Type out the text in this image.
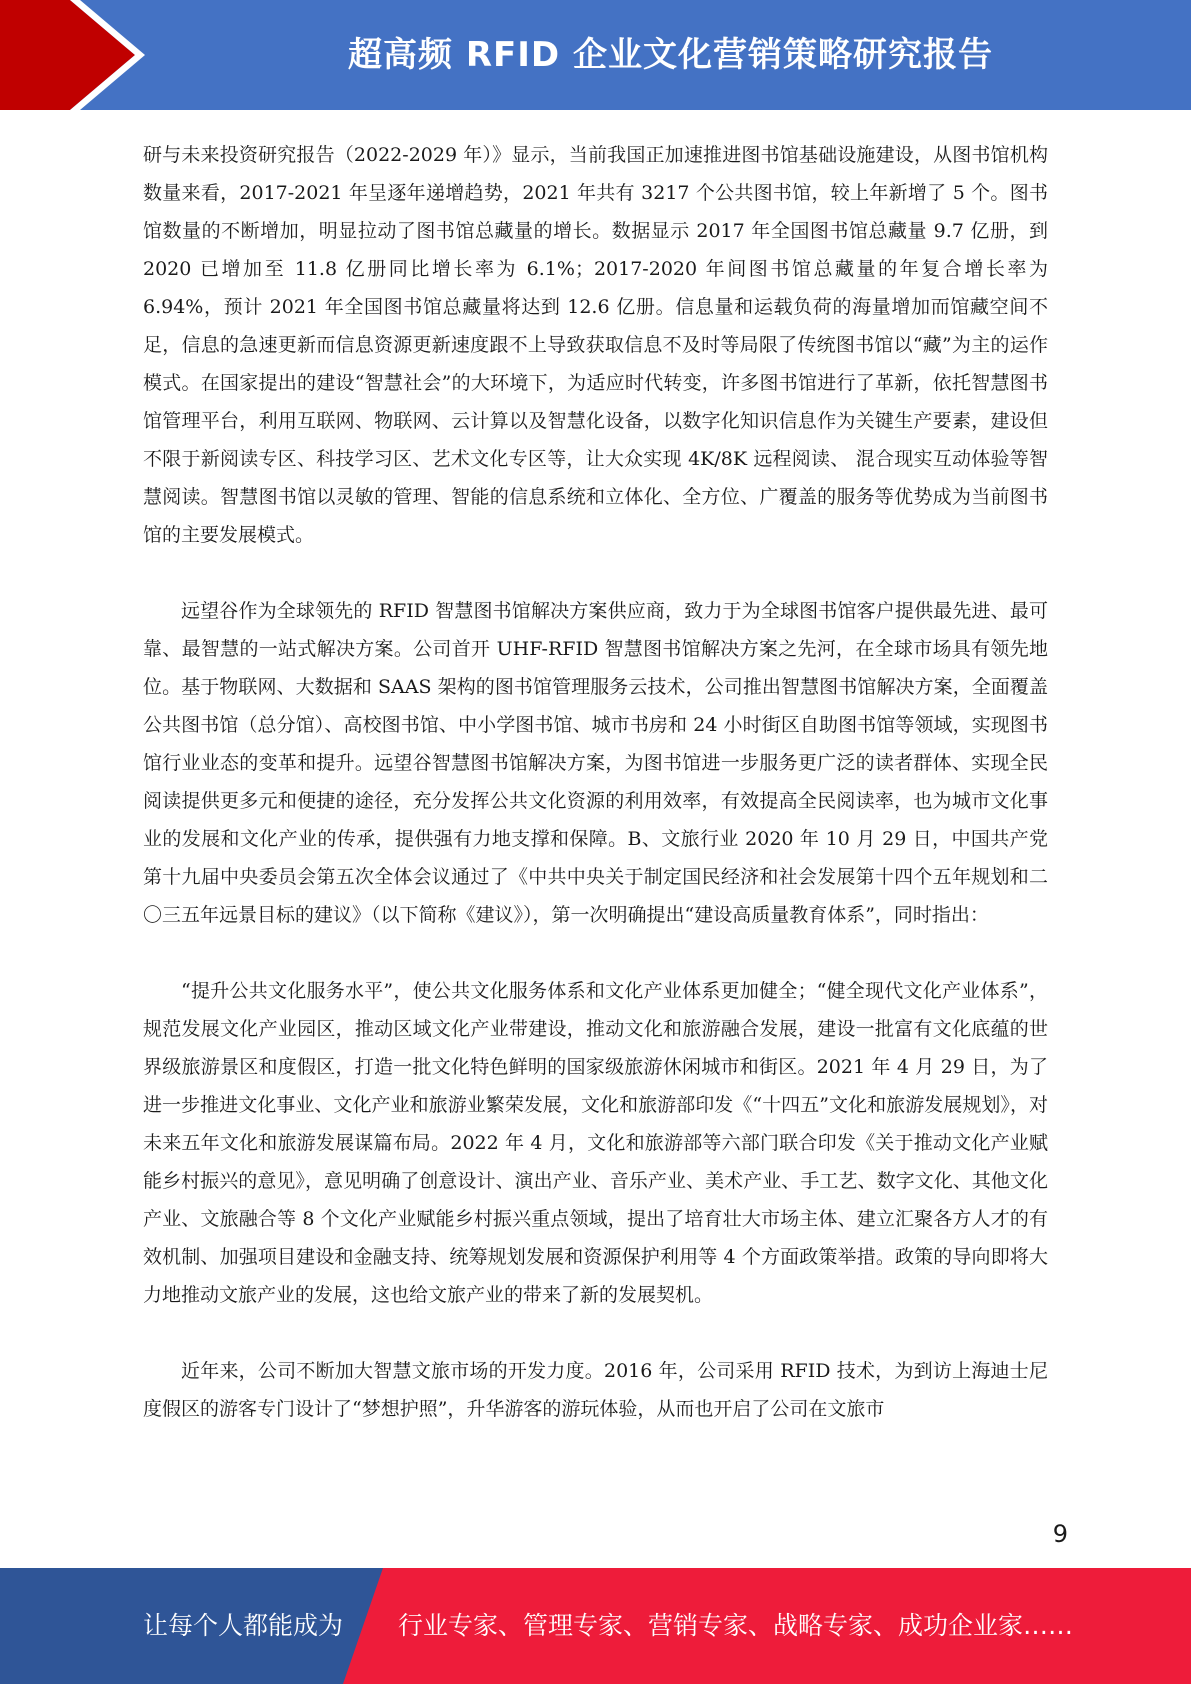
超高频 RFID 企业文化营销策略研究报告

研与未来投资研究报告（2022-2029 年）》显示，当前我国正加速推进图书馆基础设施建设，从图书馆机构数量来看，2017-2021 年呈逐年递增趋势，2021 年共有 3217 个公共图书馆，较上年新增了 5 个。图书馆数量的不断增加，明显拉动了图书馆总藏量的增长。数据显示 2017 年全国图书馆总藏量 9.7 亿册，到 2020 已增加至 11.8 亿册同比增长率为 6.1%；2017-2020 年间图书馆总藏量的年复合增长率为 6.94%，预计 2021 年全国图书馆总藏量将达到 12.6 亿册。信息量和运载负荷的海量增加而馆藏空间不足，信息的急速更新而信息资源更新速度跟不上导致获取信息不及时等局限了传统图书馆以“藏”为主的运作模式。在国家提出的建设“智慧社会”的大环境下，为适应时代转变，许多图书馆进行了革新，依托智慧图书馆管理平台，利用互联网、物联网、云计算以及智慧化设备，以数字化知识信息作为关键生产要素，建设但不限于新阅读专区、科技学习区、艺术文化专区等，让大众实现 4K/8K 远程阅读、 混合现实互动体验等智慧阅读。智慧图书馆以灵敏的管理、智能的信息系统和立体化、全方位、广覆盖的服务等优势成为当前图书馆的主要发展模式。

远望谷作为全球领先的 RFID 智慧图书馆解决方案供应商，致力于为全球图书馆客户提供最先进、最可靠、最智慧的一站式解决方案。公司首开 UHF-RFID 智慧图书馆解决方案之先河，在全球市场具有领先地位。基于物联网、大数据和 SAAS 架构的图书馆管理服务云技术，公司推出智慧图书馆解决方案，全面覆盖公共图书馆（总分馆）、高校图书馆、中小学图书馆、城市书房和 24 小时街区自助图书馆等领域，实现图书馆行业业态的变革和提升。远望谷智慧图书馆解决方案，为图书馆进一步服务更广泛的读者群体、实现全民阅读提供更多元和便捷的途径，充分发挥公共文化资源的利用效率，有效提高全民阅读率，也为城市文化事业的发展和文化产业的传承，提供强有力地支撑和保障。B、文旅行业 2020 年 10 月 29 日，中国共产党第十九届中央委员会第五次全体会议通过了《中共中央关于制定国民经济和社会发展第十四个五年规划和二〇三五年远景目标的建议》（以下简称《建议》），第一次明确提出“建设高质量教育体系”，同时指出：

“提升公共文化服务水平”，使公共文化服务体系和文化产业体系更加健全；“健全现代文化产业体系”，规范发展文化产业园区，推动区域文化产业带建设，推动文化和旅游融合发展，建设一批富有文化底蕴的世界级旅游景区和度假区，打造一批文化特色鲜明的国家级旅游休闲城市和街区。2021 年 4 月 29 日，为了进一步推进文化事业、文化产业和旅游业繁荣发展，文化和旅游部印发《“十四五”文化和旅游发展规划》，对未来五年文化和旅游发展谋篇布局。2022 年 4 月，文化和旅游部等六部门联合印发《关于推动文化产业赋能乡村振兴的意见》，意见明确了创意设计、演出产业、音乐产业、美术产业、手工艺、数字文化、其他文化产业、文旅融合等 8 个文化产业赋能乡村振兴重点领域，提出了培育壮大市场主体、建立汇聚各方人才的有效机制、加强项目建设和金融支持、统筹规划发展和资源保护利用等 4 个方面政策举措。政策的导向即将大力地推动文旅产业的发展，这也给文旅产业的带来了新的发展契机。

近年来，公司不断加大智慧文旅市场的开发力度。2016 年，公司采用 RFID 技术，为到访上海迪士尼度假区的游客专门设计了“梦想护照”，升华游客的游玩体验，从而也开启了公司在文旅市

9
让每个人都能成为 行业专家、管理专家、营销专家、战略专家、成功企业家……
